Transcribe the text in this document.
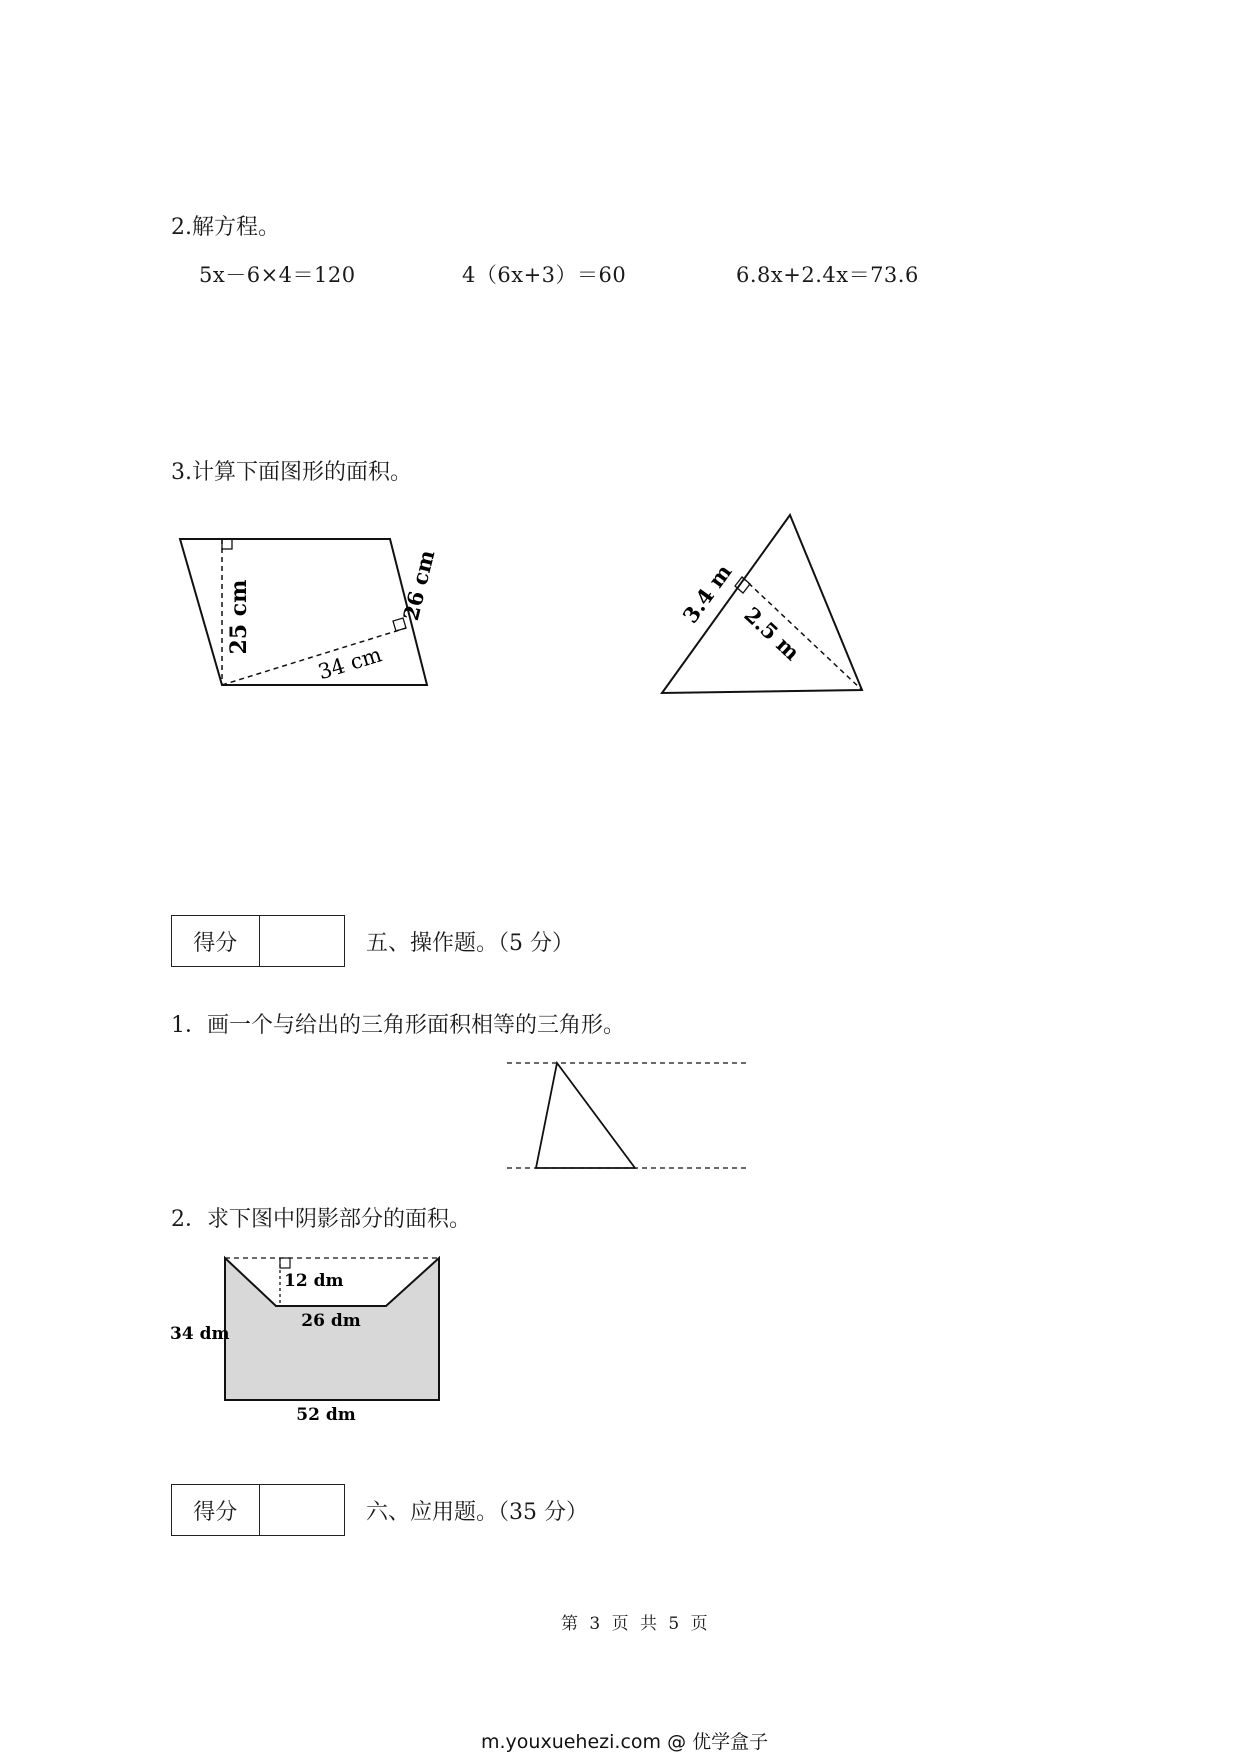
2.解方程。
5x－6×4＝120	4（6x+3）＝60	6.8x+2.4x＝73.6
3.计算下面图形的面积。
25 cm	26 cm
34 cm
3.4 m
2.5 m
得分	五、操作题。（5 分）
1．画一个与给出的三角形面积相等的三角形。
2．求下图中阴影部分的面积。
12 dm
26 dm
34 dm
52 dm
得分	六、应用题。（35 分）
第 3 页 共 5 页
m.youxuehezi.com @ 优学盒子
